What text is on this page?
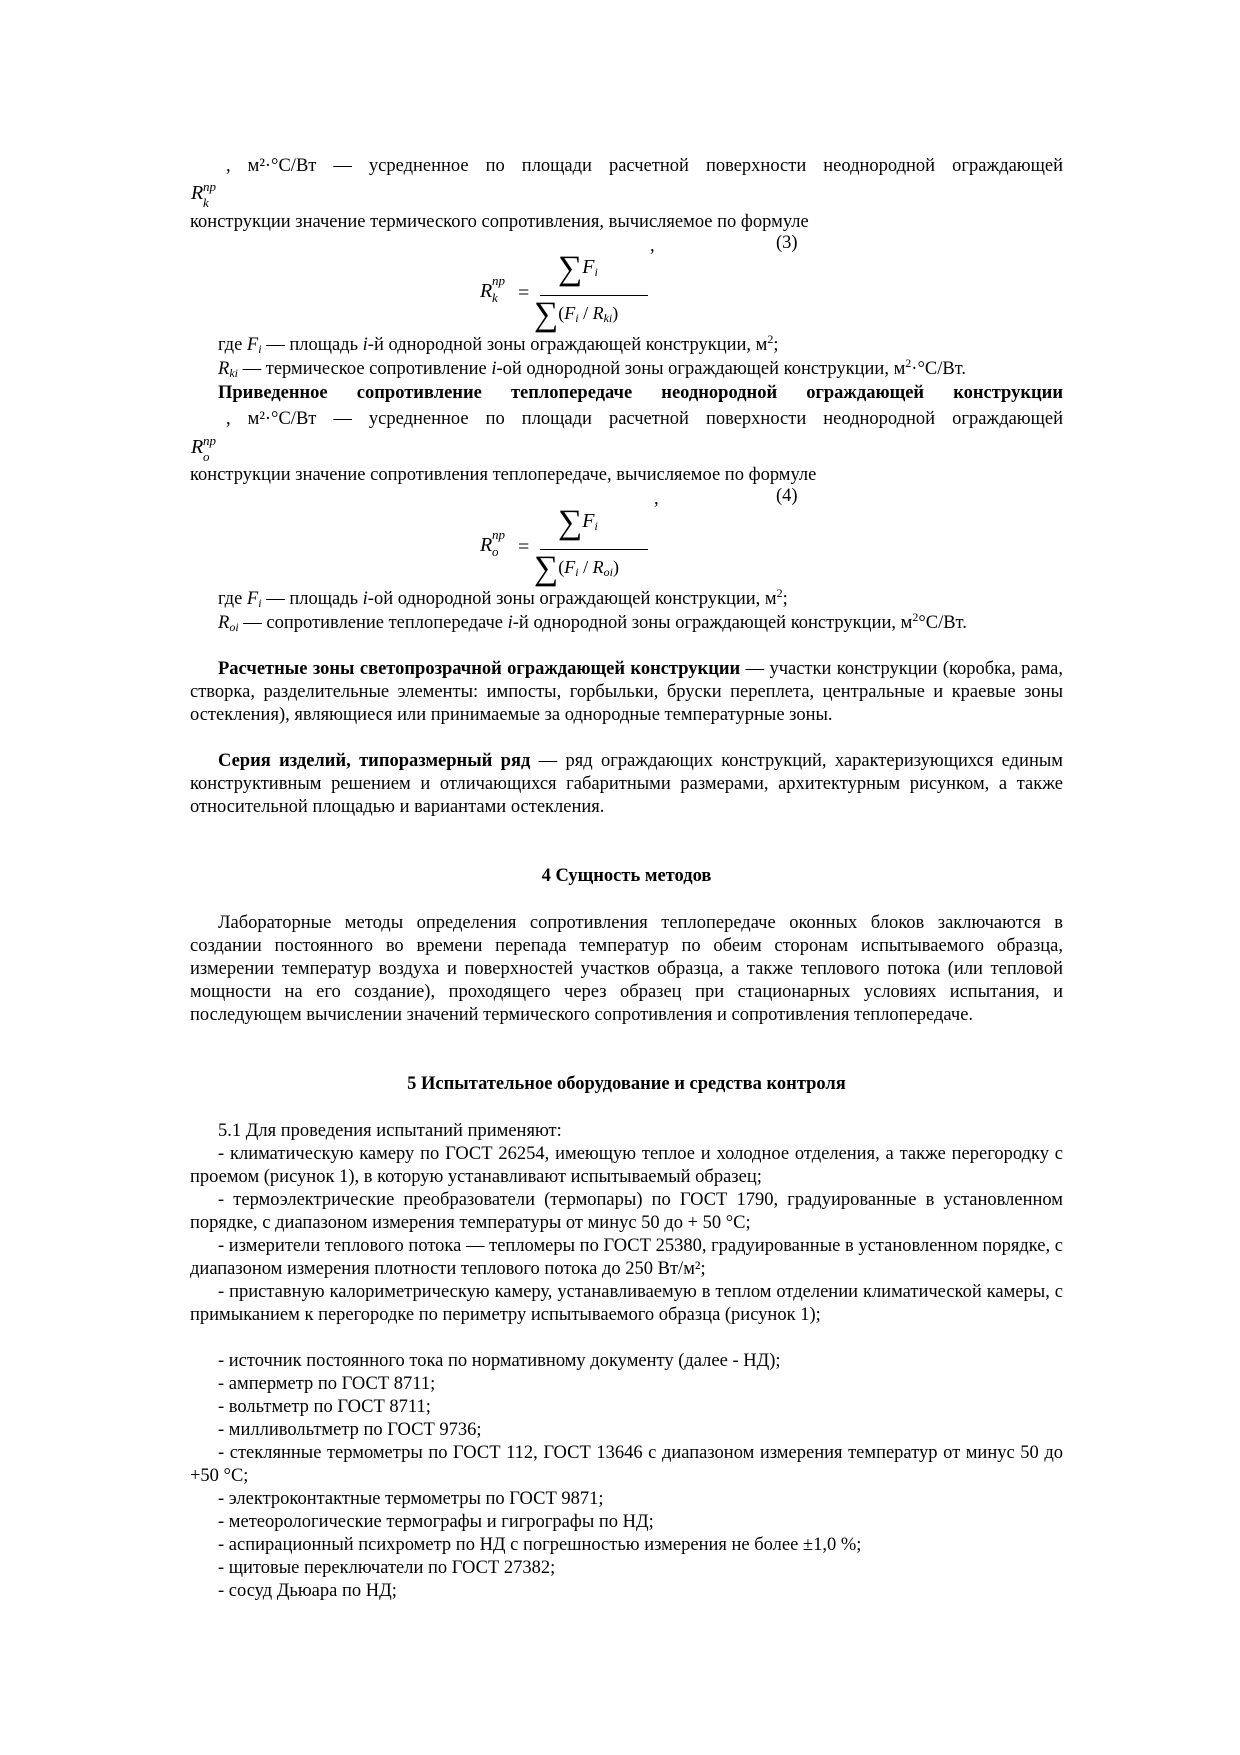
R пр
k
, м²·°С/Вт — усредненное по площади расчетной поверхности неоднородной ограждающей
конструкции значение термического сопротивления, вычисляемое по формуле
,	(3)
R пр
k =
$\sum F_i$
$\sum(F_i / R_{ki})$
где $F_i$ — площадь i-й однородной зоны ограждающей конструкции, $м^2$;
$R_{ki}$ — термическое сопротивление i-ой однородной зоны ограждающей конструкции, $м^2\cdot^\circ С/Вт$.
Приведенное сопротивление теплопередаче неоднородной ограждающей конструкции
R пр
o
, м²·°С/Вт — усредненное по площади расчетной поверхности неоднородной ограждающей
конструкции значение сопротивления теплопередаче, вычисляемое по формуле
,	(4)
R пр
o =
$\sum F_i$
$\sum(F_i / R_{oi})$
где $F_i$ — площадь i-ой однородной зоны ограждающей конструкции, $м^2$;
$R_{oi}$ — сопротивление теплопередаче i-й однородной зоны ограждающей конструкции, $м^2^\circ С/Вт$.
Расчетные зоны светопрозрачной ограждающей конструкции — участки конструкции (коробка, рама, створка, разделительные элементы: импосты, горбыльки, бруски переплета, центральные и краевые зоны остекления), являющиеся или принимаемые за однородные температурные зоны.
Серия изделий, типоразмерный ряд — ряд ограждающих конструкций, характеризующихся единым конструктивным решением и отличающихся габаритными размерами, архитектурным рисунком, а также относительной площадью и вариантами остекления.
4 Сущность методов
Лабораторные методы определения сопротивления теплопередаче оконных блоков заключаются в создании постоянного во времени перепада температур по обеим сторонам испытываемого образца, измерении температур воздуха и поверхностей участков образца, а также теплового потока (или тепловой мощности на его создание), проходящего через образец при стационарных условиях испытания, и последующем вычислении значений термического сопротивления и сопротивления теплопередаче.
5 Испытательное оборудование и средства контроля
5.1 Для проведения испытаний применяют:
- климатическую камеру по ГОСТ 26254, имеющую теплое и холодное отделения, а также перегородку с проемом (рисунок 1), в которую устанавливают испытываемый образец;
- термоэлектрические преобразователи (термопары) по ГОСТ 1790, градуированные в установленном порядке, с диапазоном измерения температуры от минус 50 до + 50 °С;
- измерители теплового потока — тепломеры по ГОСТ 25380, градуированные в установленном порядке, с диапазоном измерения плотности теплового потока до 250 Вт/м²;
- приставную калориметрическую камеру, устанавливаемую в теплом отделении климатической камеры, с примыканием к перегородке по периметру испытываемого образца (рисунок 1);
- источник постоянного тока по нормативному документу (далее - НД);
- амперметр по ГОСТ 8711;
- вольтметр по ГОСТ 8711;
- милливольтметр по ГОСТ 9736;
- стеклянные термометры по ГОСТ 112, ГОСТ 13646 с диапазоном измерения температур от минус 50 до +50 °С;
- электроконтактные термометры по ГОСТ 9871;
- метеорологические термографы и гигрографы по НД;
- аспирационный психрометр по НД с погрешностью измерения не более ±1,0 %;
- щитовые переключатели по ГОСТ 27382;
- сосуд Дьюара по НД;
